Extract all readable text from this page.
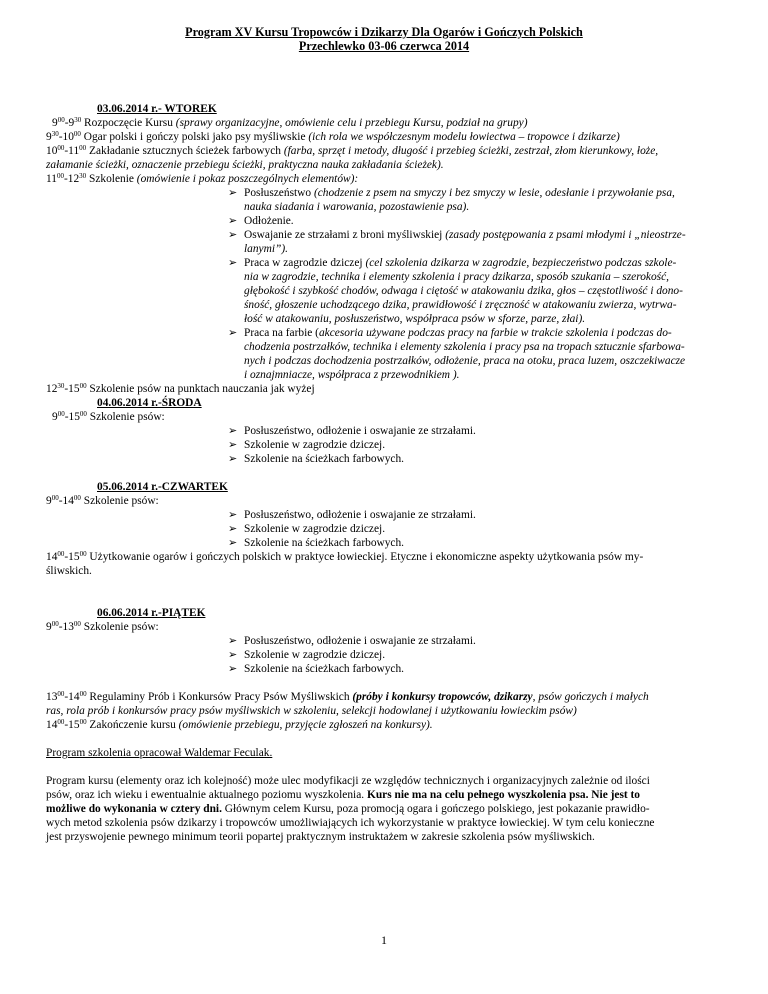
Program XV Kursu Tropowców i Dzikarzy Dla Ogarów i Gończych Polskich
Przechlewko 03-06 czerwca 2014
03.06.2014 r.- WTOREK
$9^{00}-9^{30}$ Rozpoczęcie Kursu (sprawy organizacyjne, omówienie celu i przebiegu Kursu, podział na grupy)
$9^{30}-10^{00}$ Ogar polski i gończy polski jako psy myśliwskie (ich rola we współczesnym modelu łowiectwa – tropowce i dzikarze)
$10^{00}-11^{00}$ Zakładanie sztucznych ścieżek farbowych (farba, sprzęt i metody, długość i przebieg ścieżki, zestrzał, złom kierunkowy, łoże,
załamanie ścieżki, oznaczenie przebiegu ścieżki, praktyczna nauka zakładania ścieżek).
$11^{00}-12^{30}$ Szkolenie (omówienie i pokaz poszczególnych elementów):
➢ Posłuszeństwo (chodzenie z psem na smyczy i bez smyczy w lesie, odesłanie i przywołanie psa,
nauka siadania i warowania, pozostawienie psa).
➢ Odłożenie.
➢ Oswajanie ze strzałami z broni myśliwskiej (zasady postępowania z psami młodymi i „nieostrze-
lanymi”).
➢ Praca w zagrodzie dziczej (cel szkolenia dzikarza w zagrodzie, bezpieczeństwo podczas szkole-
nia w zagrodzie, technika i elementy szkolenia i pracy dzikarza, sposób szukania – szerokość,
głębokość i szybkość chodów, odwaga i ciętość w atakowaniu dzika, głos – częstotliwość i dono-
śność, głoszenie uchodzącego dzika, prawidłowość i zręczność w atakowaniu zwierza, wytrwa-
łość w atakowaniu, posłuszeństwo, współpraca psów w sforze, parze, złai).
➢ Praca na farbie (akcesoria używane podczas pracy na farbie w trakcie szkolenia i podczas do-
chodzenia postrzałków, technika i elementy szkolenia i pracy psa na tropach sztucznie sfarbowa-
nych i podczas dochodzenia postrzałków, odłożenie, praca na otoku, praca luzem, oszczekiwacze
i oznajmniacze, współpraca z przewodnikiem ).
$12^{30}-15^{00}$ Szkolenie psów na punktach nauczania jak wyżej
04.06.2014 r.-ŚRODA
$9^{00}-15^{00}$ Szkolenie psów:
➢ Posłuszeństwo, odłożenie i oswajanie ze strzałami.
➢ Szkolenie w zagrodzie dziczej.
➢ Szkolenie na ścieżkach farbowych.
05.06.2014 r.-CZWARTEK
$9^{00}-14^{00}$ Szkolenie psów:
➢ Posłuszeństwo, odłożenie i oswajanie ze strzałami.
➢ Szkolenie w zagrodzie dziczej.
➢ Szkolenie na ścieżkach farbowych.
$14^{00}-15^{00}$ Użytkowanie ogarów i gończych polskich w praktyce łowieckiej. Etyczne i ekonomiczne aspekty użytkowania psów my-
śliwskich.
06.06.2014 r.-PIĄTEK
$9^{00}-13^{00}$ Szkolenie psów:
➢ Posłuszeństwo, odłożenie i oswajanie ze strzałami.
➢ Szkolenie w zagrodzie dziczej.
➢ Szkolenie na ścieżkach farbowych.
$13^{00}-14^{00}$ Regulaminy Prób i Konkursów Pracy Psów Myśliwskich (próby i konkursy tropowców, dzikarzy, psów gończych i małych
ras, rola prób i konkursów pracy psów myśliwskich w szkoleniu, selekcji hodowlanej i użytkowaniu łowieckim psów)
$14^{00}-15^{00}$ Zakończenie kursu (omówienie przebiegu, przyjęcie zgłoszeń na konkursy).
Program szkolenia opracował Waldemar Feculak.
Program kursu (elementy oraz ich kolejność) może ulec modyfikacji ze względów technicznych i organizacyjnych zależnie od ilości
psów, oraz ich wieku i ewentualnie aktualnego poziomu wyszkolenia. Kurs nie ma na celu pełnego wyszkolenia psa. Nie jest to
możliwe do wykonania w cztery dni. Głównym celem Kursu, poza promocją ogara i gończego polskiego, jest pokazanie prawidło-
wych metod szkolenia psów dzikarzy i tropowców umożliwiających ich wykorzystanie w praktyce łowieckiej. W tym celu konieczne
jest przyswojenie pewnego minimum teorii popartej praktycznym instruktażem w zakresie szkolenia psów myśliwskich.
1
